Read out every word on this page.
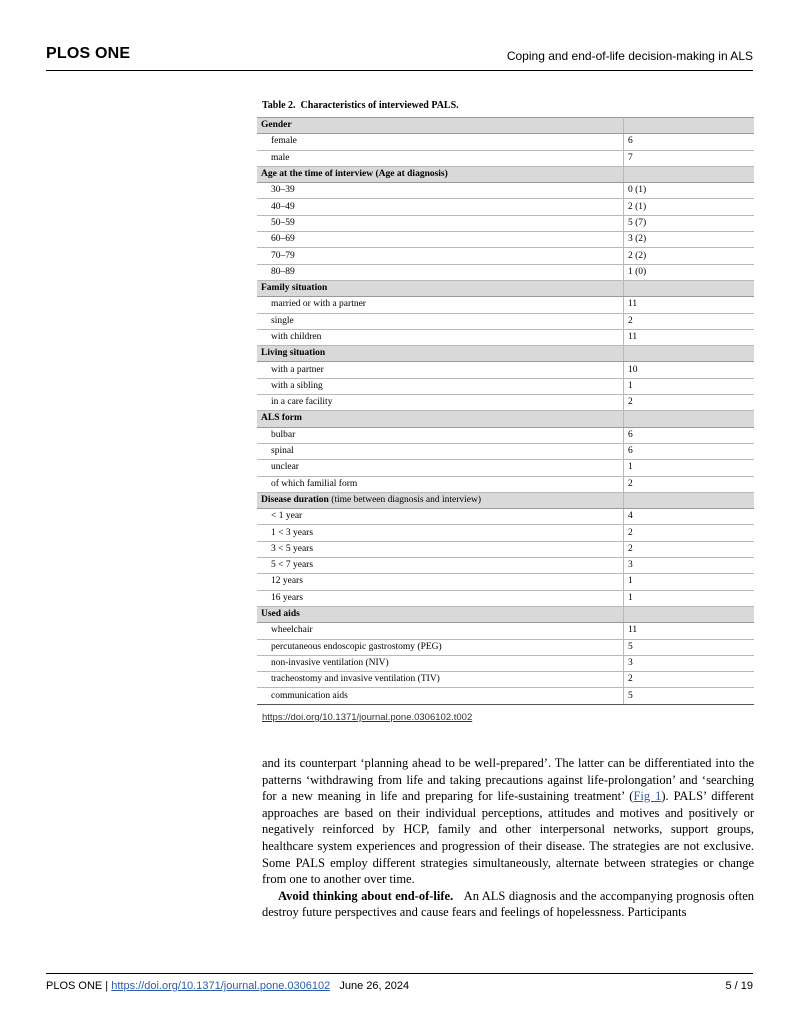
PLOS ONE	Coping and end-of-life decision-making in ALS
Table 2. Characteristics of interviewed PALS.
Gender	
female	6
male	7
Age at the time of interview (Age at diagnosis)	
30–39	0 (1)
40–49	2 (1)
50–59	5 (7)
60–69	3 (2)
70–79	2 (2)
80–89	1 (0)
Family situation	
married or with a partner	11
single	2
with children	11
Living situation	
with a partner	10
with a sibling	1
in a care facility	2
ALS form	
bulbar	6
spinal	6
unclear	1
of which familial form	2
Disease duration (time between diagnosis and interview)	
< 1 year	4
1 < 3 years	2
3 < 5 years	2
5 < 7 years	3
12 years	1
16 years	1
Used aids	
wheelchair	11
percutaneous endoscopic gastrostomy (PEG)	5
non-invasive ventilation (NIV)	3
tracheostomy and invasive ventilation (TIV)	2
communication aids	5
https://doi.org/10.1371/journal.pone.0306102.t002

and its counterpart ‘planning ahead to be well-prepared’. The latter can be differentiated into the patterns ‘withdrawing from life and taking precautions against life-prolongation’ and ‘searching for a new meaning in life and preparing for life-sustaining treatment’ (Fig 1). PALS’ different approaches are based on their individual perceptions, attitudes and motives and positively or negatively reinforced by HCP, family and other interpersonal networks, support groups, healthcare system experiences and progression of their disease. The strategies are not exclusive. Some PALS employ different strategies simultaneously, alternate between strategies or change from one to another over time.

Avoid thinking about end-of-life. An ALS diagnosis and the accompanying prognosis often destroy future perspectives and cause fears and feelings of hopelessness. Participants

PLOS ONE | https://doi.org/10.1371/journal.pone.0306102 June 26, 2024	5 / 19
